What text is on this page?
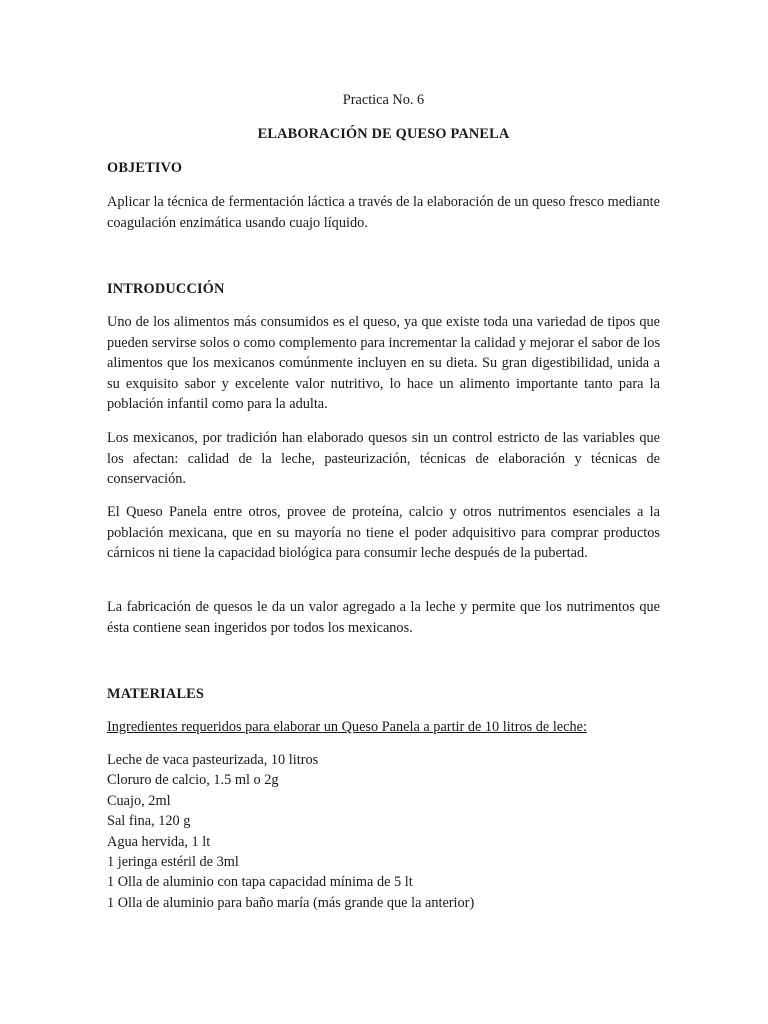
Practica No. 6
ELABORACIÓN DE QUESO PANELA
OBJETIVO
Aplicar la técnica de fermentación láctica a través de la elaboración de un queso fresco mediante coagulación enzimática usando cuajo líquido.
INTRODUCCIÓN
Uno de los alimentos más consumidos es el queso, ya que existe toda una variedad de tipos que pueden servirse solos o como complemento para incrementar la calidad y mejorar el sabor de los alimentos que los mexicanos comúnmente incluyen en su dieta. Su gran digestibilidad, unida a su exquisito sabor y excelente valor nutritivo, lo hace un alimento importante tanto para la población infantil como para la adulta.
Los mexicanos, por tradición han elaborado quesos sin un control estricto de las variables que los afectan: calidad de la leche, pasteurización, técnicas de elaboración y técnicas de conservación.
El Queso Panela entre otros, provee de proteína, calcio y otros nutrimentos esenciales a la población mexicana, que en su mayoría no tiene el poder adquisitivo para comprar productos cárnicos ni tiene la capacidad biológica para consumir leche después de la pubertad.
La fabricación de quesos le da un valor agregado a la leche y permite que los nutrimentos que ésta contiene sean ingeridos por todos los mexicanos.
MATERIALES
Ingredientes requeridos para elaborar un Queso Panela a partir de 10 litros de leche:
Leche de vaca pasteurizada, 10 litros
Cloruro de calcio, 1.5 ml o 2g
Cuajo, 2ml
Sal fina, 120 g
Agua hervida, 1 lt
1 jeringa estéril de 3ml
1 Olla de aluminio con tapa capacidad mínima de 5 lt
1 Olla de aluminio para baño maría (más grande que la anterior)
